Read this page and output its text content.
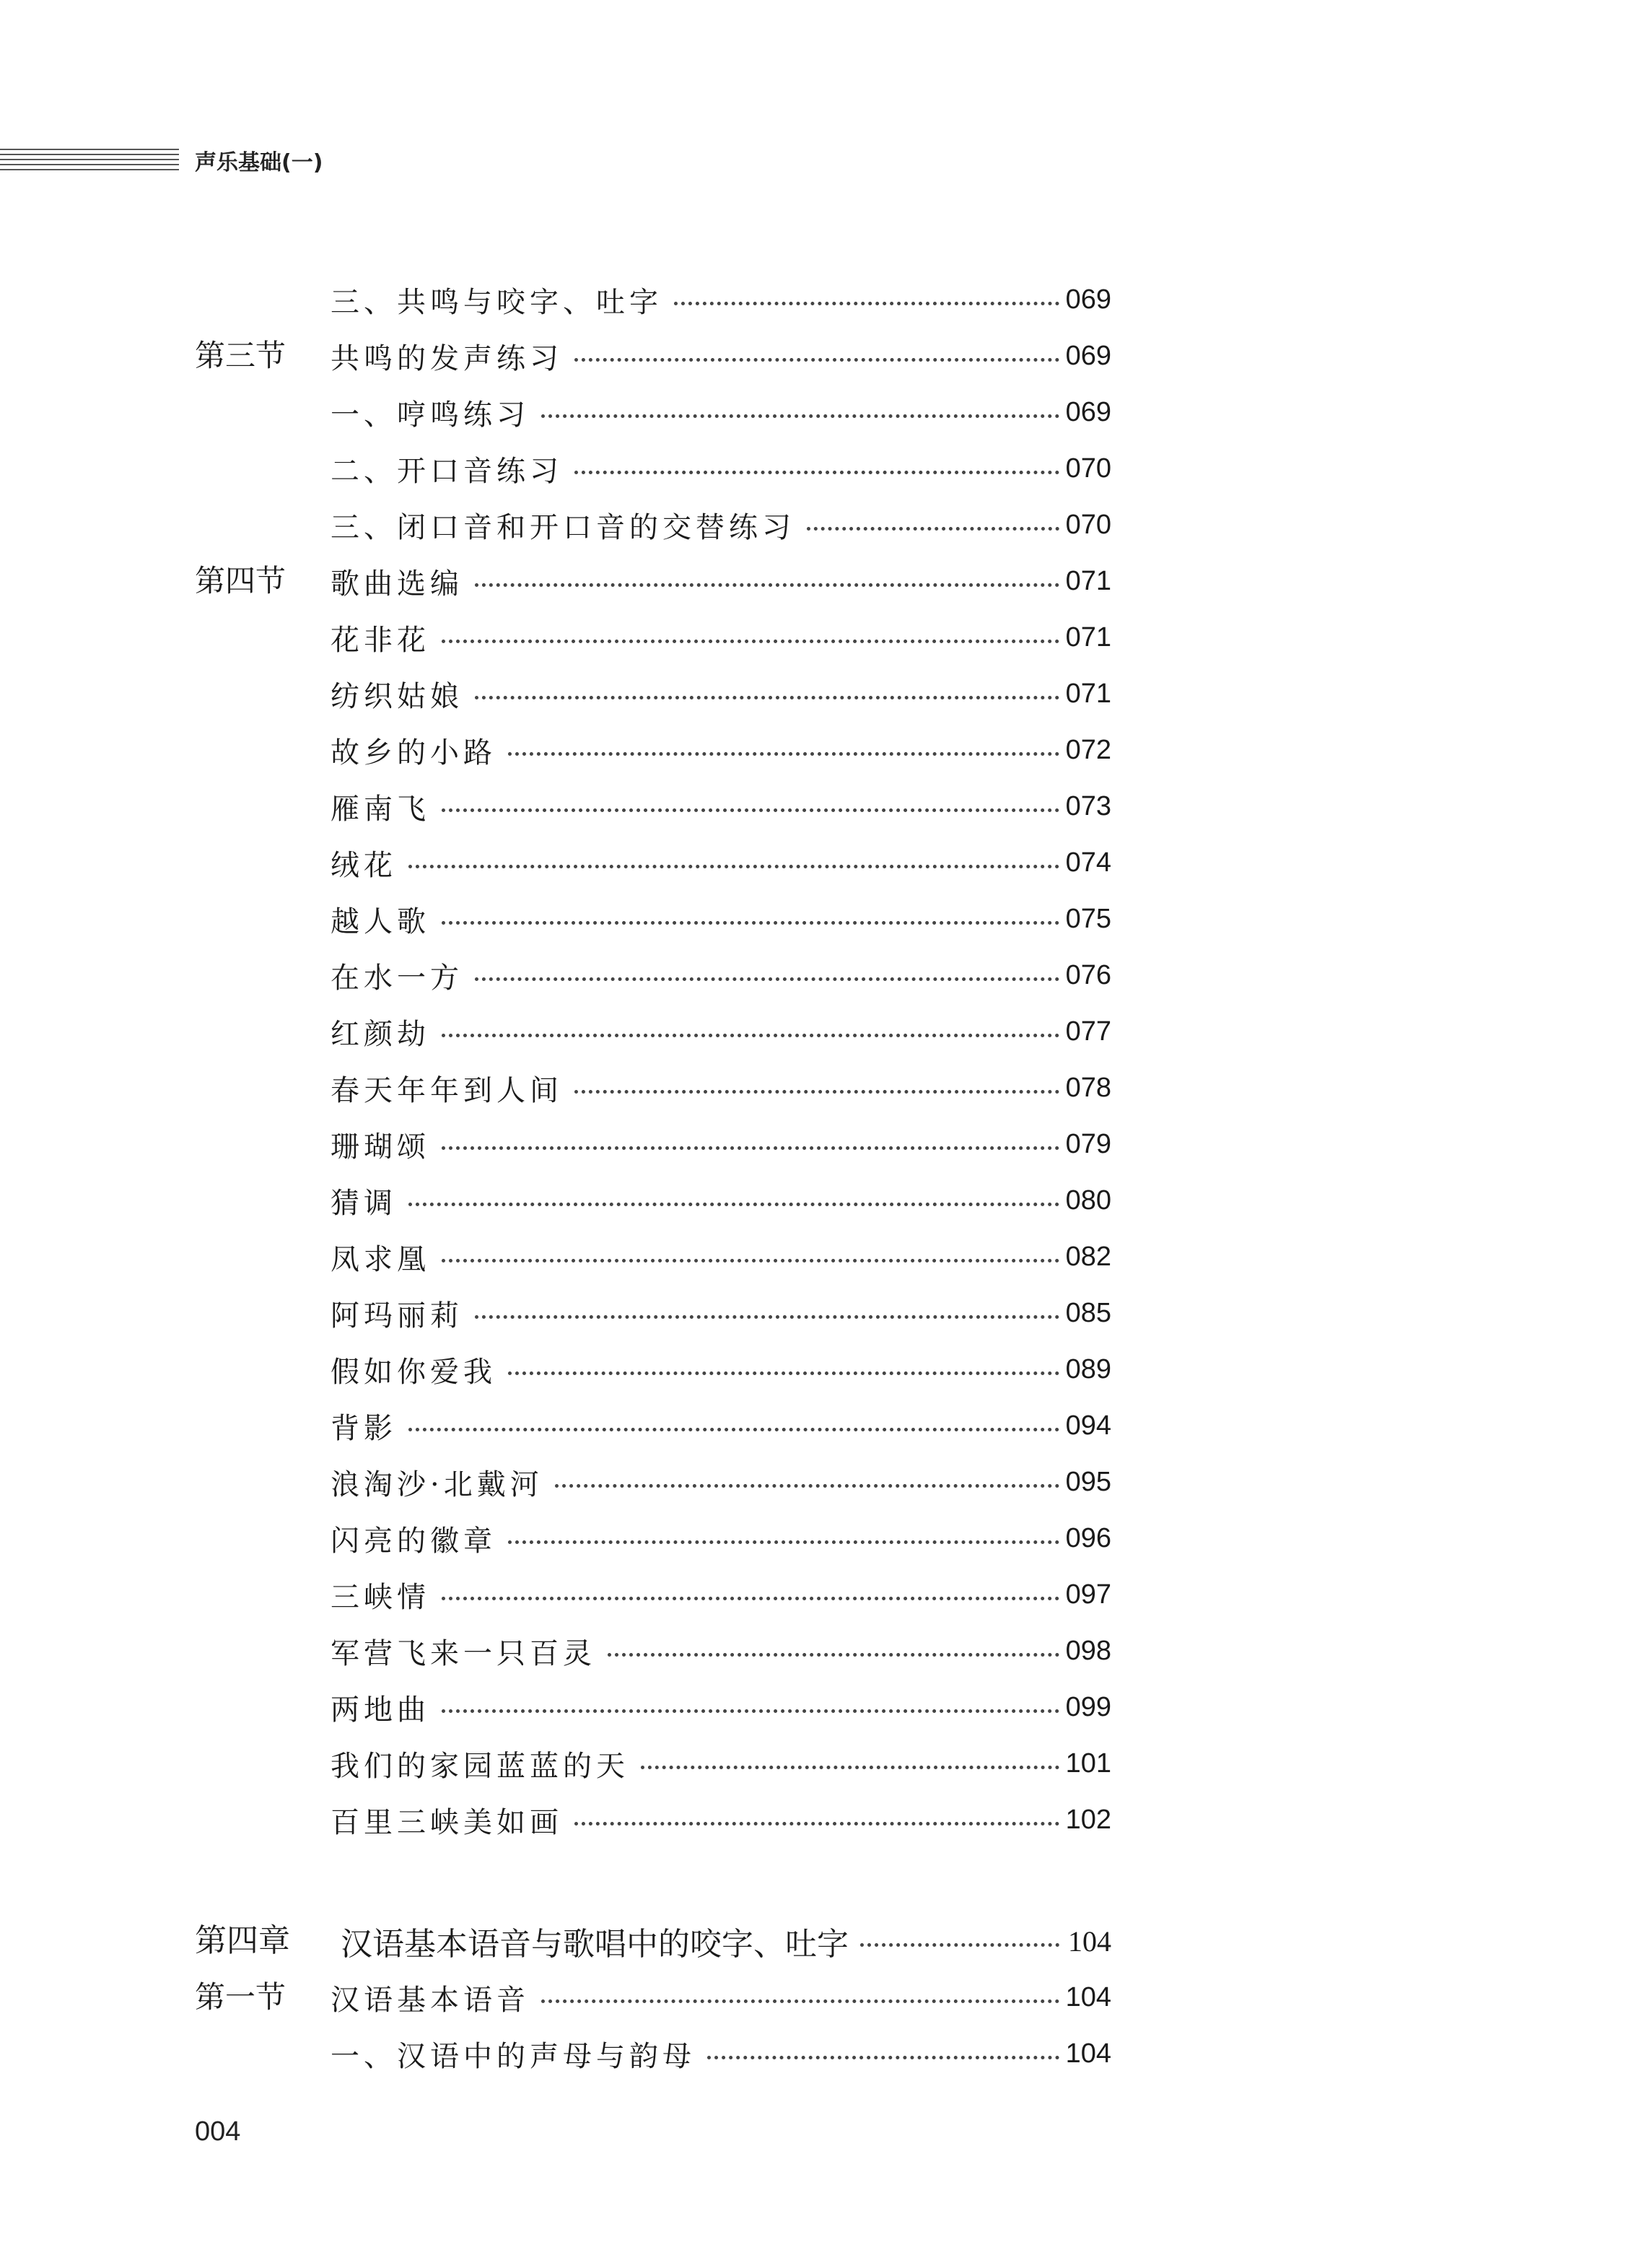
声乐基础(一)
三、共鸣与咬字、吐字	069
第三节 共鸣的发声练习	069
一、哼鸣练习	069
二、开口音练习	070
三、闭口音和开口音的交替练习	070
第四节 歌曲选编	071
花非花	071
纺织姑娘	071
故乡的小路	072
雁南飞	073
绒花	074
越人歌	075
在水一方	076
红颜劫	077
春天年年到人间	078
珊瑚颂	079
猜调	080
凤求凰	082
阿玛丽莉	085
假如你爱我	089
背影	094
浪淘沙·北戴河	095
闪亮的徽章	096
三峡情	097
军营飞来一只百灵	098
两地曲	099
我们的家园蓝蓝的天	101
百里三峡美如画	102
第四章 汉语基本语音与歌唱中的咬字、吐字	104
第一节 汉语基本语音	104
一、汉语中的声母与韵母	104
004
